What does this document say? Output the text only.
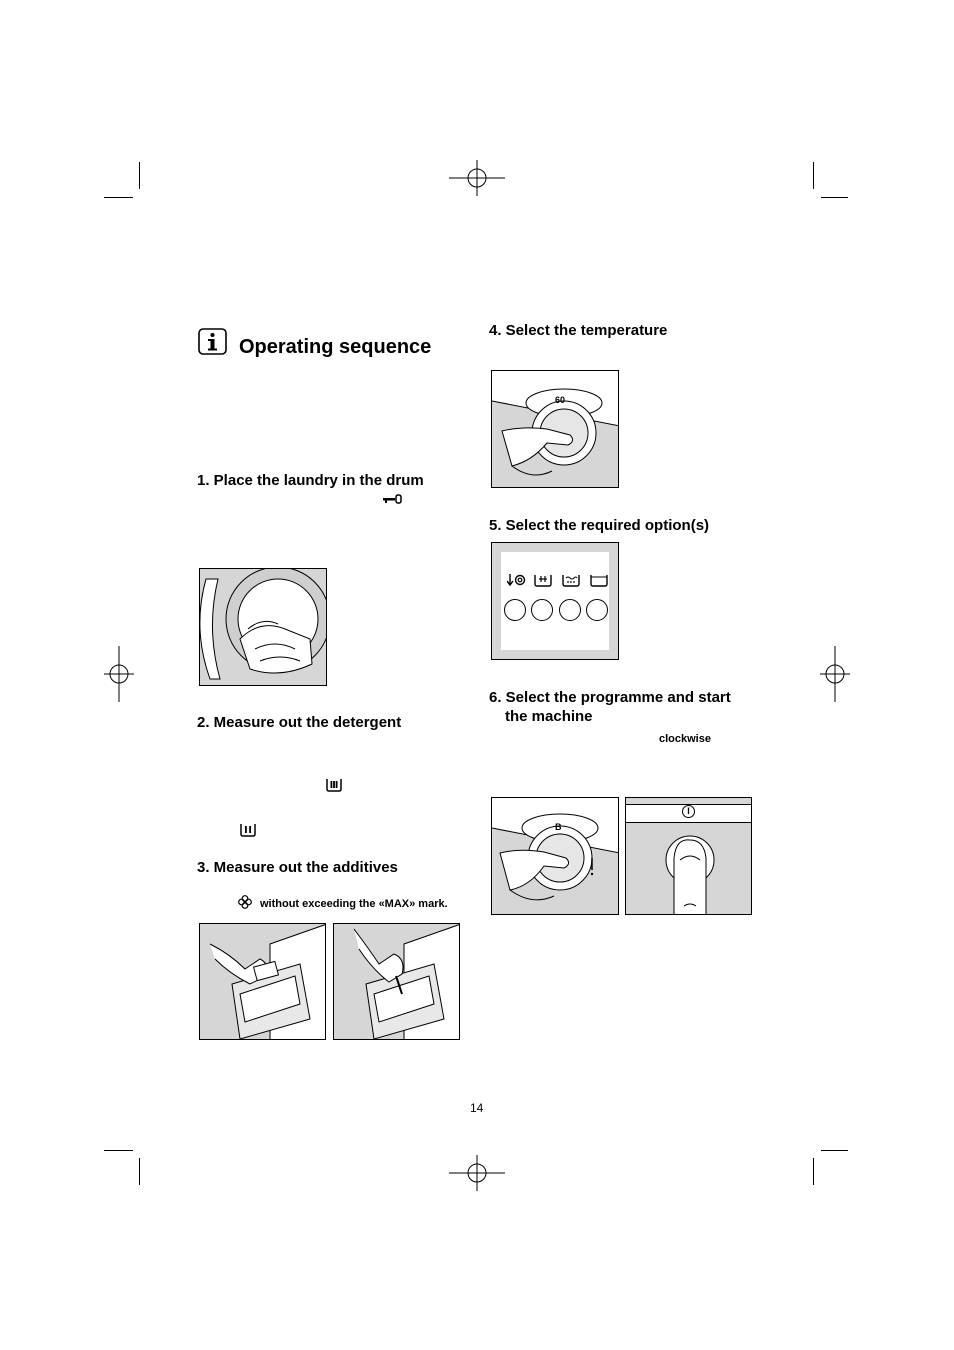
Operating sequence
1. Place the laundry in the drum
2. Measure out the detergent
3. Measure out the additives
without exceeding the «MAX» mark.
4. Select the temperature
60
5. Select the required option(s)
6. Select the programme and start
the machine
clockwise
B
I
14
